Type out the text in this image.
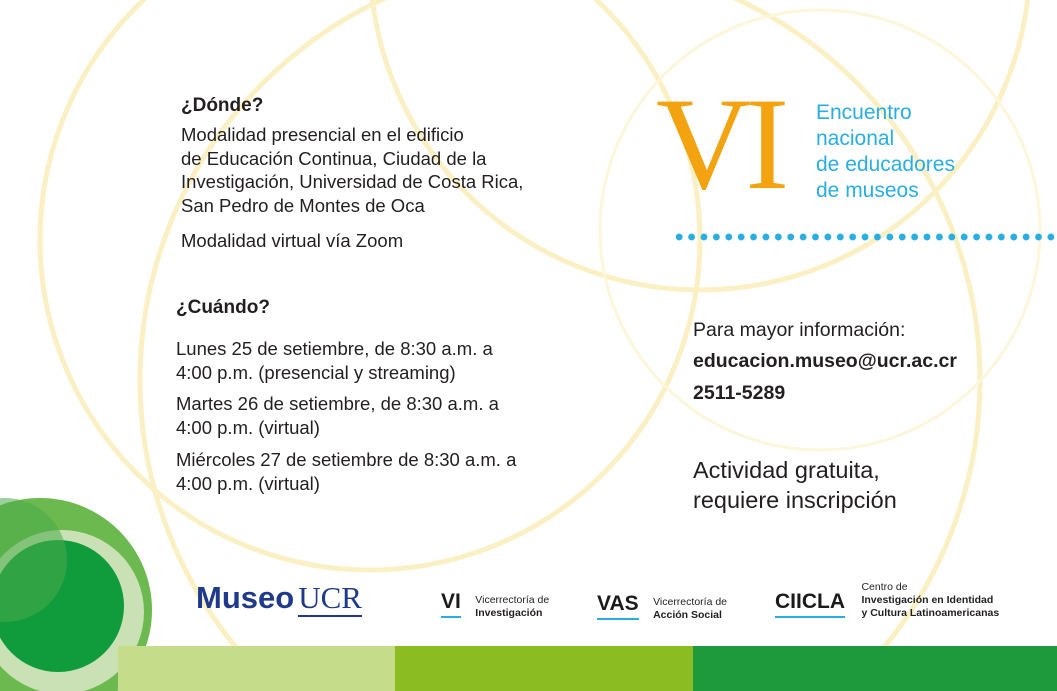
¿Dónde?
Modalidad presencial en el edificio
de Educación Continua, Ciudad de la
Investigación, Universidad de Costa Rica,
San Pedro de Montes de Oca

Modalidad virtual vía Zoom

¿Cuándo?
Lunes 25 de setiembre, de 8:30 a.m. a
4:00 p.m. (presencial y streaming)
Martes 26 de setiembre, de 8:30 a.m. a
4:00 p.m. (virtual)
Miércoles 27 de setiembre de 8:30 a.m. a
4:00 p.m. (virtual)
VI Encuentro
nacional
de educadores
de museos
Para mayor información:
educacion.museo@ucr.ac.cr
2511-5289
Actividad gratuita,
requiere inscripción
Museo UCR	VI Vicerrectoría de
Investigación	VAS Vicerrectoría de
Acción Social
CIICLA
Centro de
Investigación en Identidad
y Cultura Latinoamericanas
